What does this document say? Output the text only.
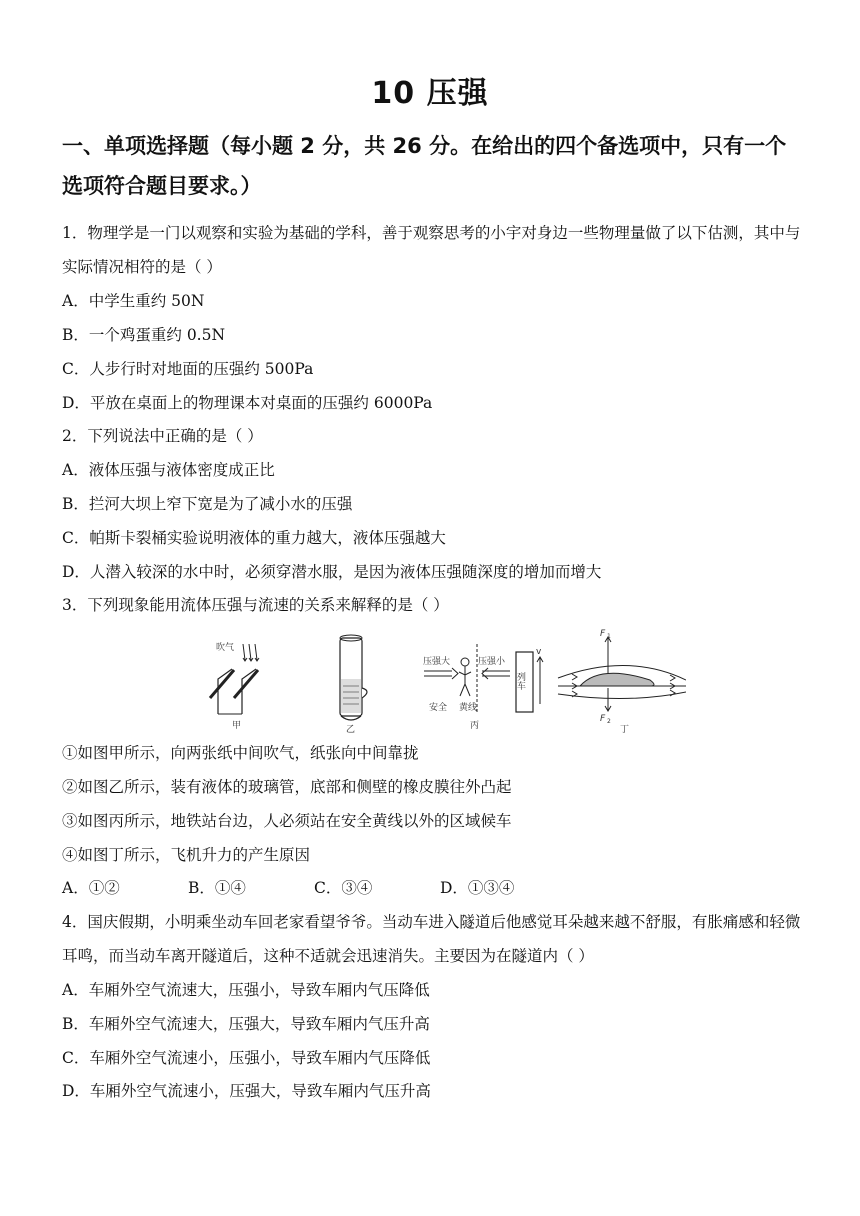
10 压强
一、单项选择题（每小题 2 分，共 26 分。在给出的四个备选项中，只有一个选项符合题目要求。）
1．物理学是一门以观察和实验为基础的学科，善于观察思考的小宇对身边一些物理量做了以下估测，其中与实际情况相符的是（ ）
A．中学生重约 50N
B．一个鸡蛋重约 0.5N
C．人步行时对地面的压强约 500Pa
D．平放在桌面上的物理课本对桌面的压强约 6000Pa
2．下列说法中正确的是（ ）
A．液体压强与液体密度成正比
B．拦河大坝上窄下宽是为了减小水的压强
C．帕斯卡裂桶实验说明液体的重力越大，液体压强越大
D．人潜入较深的水中时，必须穿潜水服，是因为液体压强随深度的增加而增大
3．下列现象能用流体压强与流速的关系来解释的是（ ）
吹气
甲	乙
压强大	压强小
列车
v
安全 黄线
丙
F 1
F 2
丁
①如图甲所示，向两张纸中间吹气，纸张向中间靠拢
②如图乙所示，装有液体的玻璃管，底部和侧壁的橡皮膜往外凸起
③如图丙所示，地铁站台边，人必须站在安全黄线以外的区域候车
④如图丁所示，飞机升力的产生原因
A．①②	B．①④	C．③④	D．①③④
4．国庆假期，小明乘坐动车回老家看望爷爷。当动车进入隧道后他感觉耳朵越来越不舒服，有胀痛感和轻微耳鸣，而当动车离开隧道后，这种不适就会迅速消失。主要因为在隧道内（ ）
A．车厢外空气流速大，压强小，导致车厢内气压降低
B．车厢外空气流速大，压强大，导致车厢内气压升高
C．车厢外空气流速小，压强小，导致车厢内气压降低
D．车厢外空气流速小，压强大，导致车厢内气压升高
